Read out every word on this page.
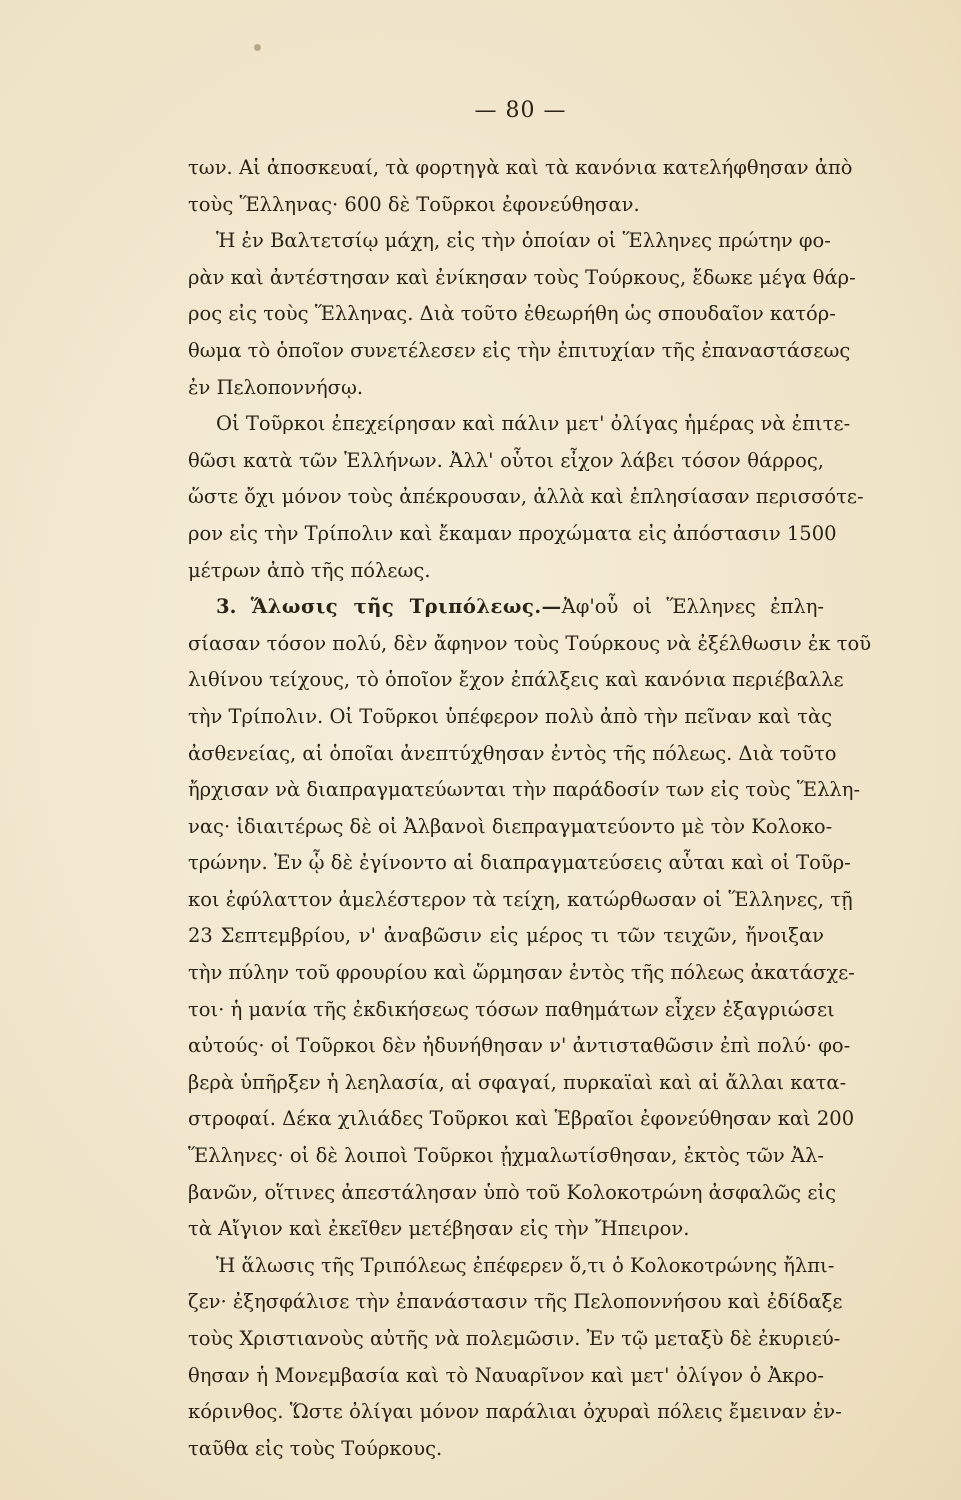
— 80 —
των. Αἱ ἀποσκευαί, τὰ φορτηγὰ καὶ τὰ κανόνια κατελήφθησαν ἀπὸ
τοὺς Ἕλληνας· 600 δὲ Τοῦρκοι ἐφονεύθησαν.
Ἡ ἐν Βαλτετσίῳ μάχη, εἰς τὴν ὁποίαν οἱ Ἕλληνες πρώτην φο-
ρὰν καὶ ἀντέστησαν καὶ ἐνίκησαν τοὺς Τούρκους, ἔδωκε μέγα θάρ-
ρος εἰς τοὺς Ἕλληνας. Διὰ τοῦτο ἐθεωρήθη ὡς σπουδαῖον κατόρ-
θωμα τὸ ὁποῖον συνετέλεσεν εἰς τὴν ἐπιτυχίαν τῆς ἐπαναστάσεως
ἐν Πελοποννήσῳ.
Οἱ Τοῦρκοι ἐπεχείρησαν καὶ πάλιν μετ' ὀλίγας ἡμέρας νὰ ἐπιτε-
θῶσι κατὰ τῶν Ἑλλήνων. Ἀλλ' οὗτοι εἶχον λάβει τόσον θάρρος,
ὥστε ὄχι μόνον τοὺς ἀπέκρουσαν, ἀλλὰ καὶ ἐπλησίασαν περισσότε-
ρον εἰς τὴν Τρίπολιν καὶ ἔκαμαν προχώματα εἰς ἀπόστασιν 1500
μέτρων ἀπὸ τῆς πόλεως.
3. Ἅλωσις τῆς Τριπόλεως.—Ἀφ'οὗ οἱ Ἕλληνες ἐπλη-
σίασαν τόσον πολύ, δὲν ἄφηνον τοὺς Τούρκους νὰ ἐξέλθωσιν ἐκ τοῦ
λιθίνου τείχους, τὸ ὁποῖον ἔχον ἐπάλξεις καὶ κανόνια περιέβαλλε
τὴν Τρίπολιν. Οἱ Τοῦρκοι ὑπέφερον πολὺ ἀπὸ τὴν πεῖναν καὶ τὰς
ἀσθενείας, αἱ ὁποῖαι ἀνεπτύχθησαν ἐντὸς τῆς πόλεως. Διὰ τοῦτο
ἤρχισαν νὰ διαπραγματεύωνται τὴν παράδοσίν των εἰς τοὺς Ἕλλη-
νας· ἰδιαιτέρως δὲ οἱ Ἀλβανοὶ διεπραγματεύοντο μὲ τὸν Κολοκο-
τρώνην. Ἐν ᾧ δὲ ἐγίνοντο αἱ διαπραγματεύσεις αὗται καὶ οἱ Τοῦρ-
κοι ἐφύλαττον ἀμελέστερον τὰ τείχη, κατώρθωσαν οἱ Ἕλληνες, τῇ
23 Σεπτεμβρίου, ν' ἀναβῶσιν εἰς μέρος τι τῶν τειχῶν, ἤνοιξαν
τὴν πύλην τοῦ φρουρίου καὶ ὥρμησαν ἐντὸς τῆς πόλεως ἀκατάσχε-
τοι· ἡ μανία τῆς ἐκδικήσεως τόσων παθημάτων εἶχεν ἐξαγριώσει
αὐτούς· οἱ Τοῦρκοι δὲν ἠδυνήθησαν ν' ἀντισταθῶσιν ἐπὶ πολύ· φο-
βερὰ ὑπῆρξεν ἡ λεηλασία, αἱ σφαγαί, πυρκαϊαὶ καὶ αἱ ἄλλαι κατα-
στροφαί. Δέκα χιλιάδες Τοῦρκοι καὶ Ἑβραῖοι ἐφονεύθησαν καὶ 200
Ἕλληνες· οἱ δὲ λοιποὶ Τοῦρκοι ᾐχμαλωτίσθησαν, ἐκτὸς τῶν Ἀλ-
βανῶν, οἵτινες ἀπεστάλησαν ὑπὸ τοῦ Κολοκοτρώνη ἀσφαλῶς εἰς
τὰ Αἴγιον καὶ ἐκεῖθεν μετέβησαν εἰς τὴν Ἤπειρον.
Ἡ ἅλωσις τῆς Τριπόλεως ἐπέφερεν ὅ,τι ὁ Κολοκοτρώνης ἤλπι-
ζεν· ἐξησφάλισε τὴν ἐπανάστασιν τῆς Πελοποννήσου καὶ ἐδίδαξε
τοὺς Χριστιανοὺς αὐτῆς νὰ πολεμῶσιν. Ἐν τῷ μεταξὺ δὲ ἐκυριεύ-
θησαν ἡ Μονεμβασία καὶ τὸ Ναυαρῖνον καὶ μετ' ὀλίγον ὁ Ἀκρο-
κόρινθος. Ὥστε ὀλίγαι μόνον παράλιαι ὀχυραὶ πόλεις ἔμειναν ἐν-
ταῦθα εἰς τοὺς Τούρκους.
